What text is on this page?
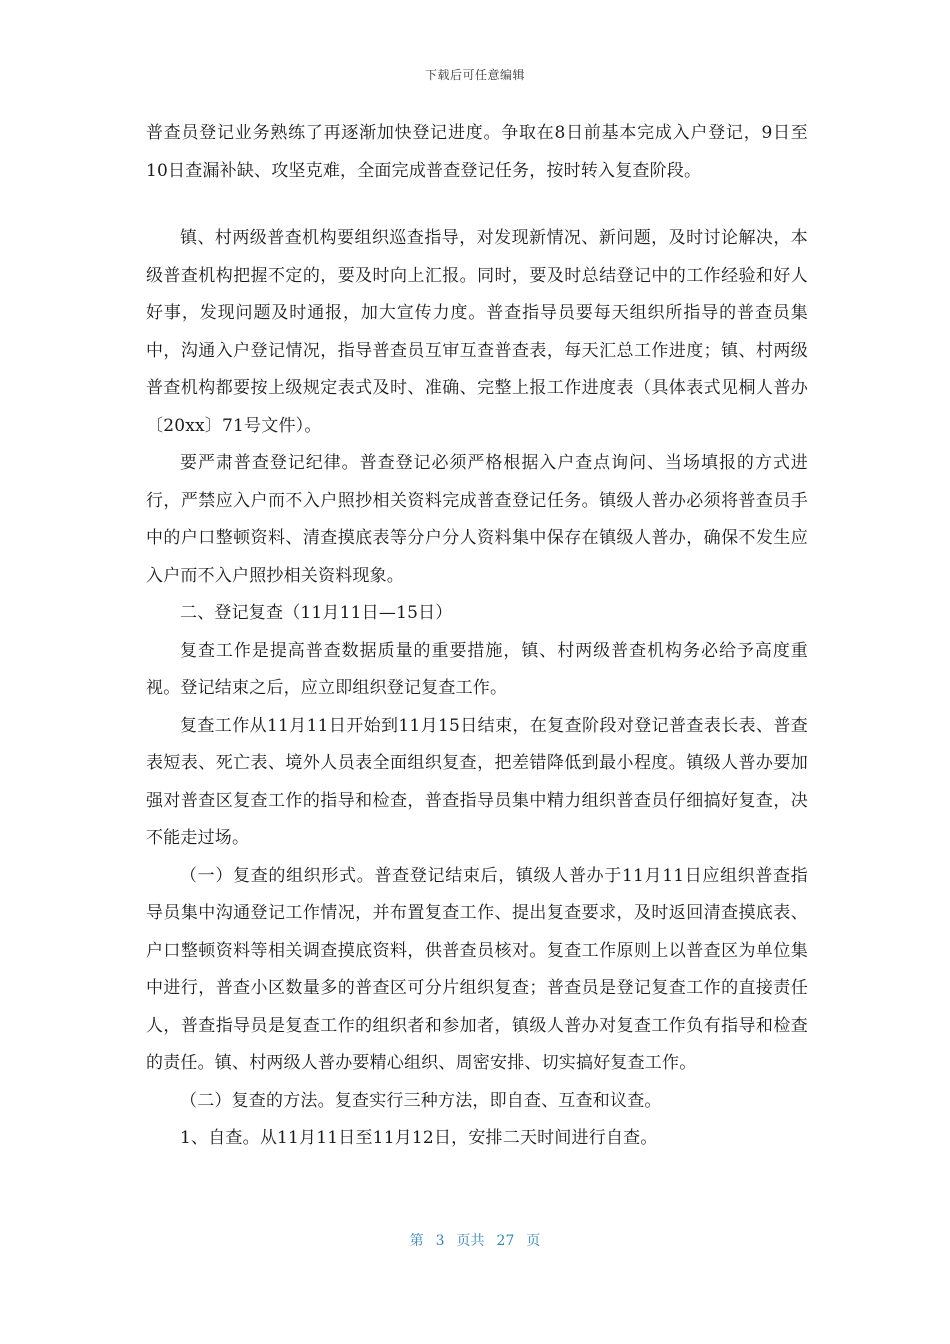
下载后可任意编辑

普查员登记业务熟练了再逐渐加快登记进度。争取在8日前基本完成入户登记，9日至10日查漏补缺、攻坚克难，全面完成普查登记任务，按时转入复查阶段。

镇、村两级普查机构要组织巡查指导，对发现新情况、新问题，及时讨论解决，本级普查机构把握不定的，要及时向上汇报。同时，要及时总结登记中的工作经验和好人好事，发现问题及时通报，加大宣传力度。普查指导员要每天组织所指导的普查员集中，沟通入户登记情况，指导普查员互审互查普查表，每天汇总工作进度；镇、村两级普查机构都要按上级规定表式及时、准确、完整上报工作进度表（具体表式见桐人普办〔20xx〕71号文件）。

要严肃普查登记纪律。普查登记必须严格根据入户查点询问、当场填报的方式进行，严禁应入户而不入户照抄相关资料完成普查登记任务。镇级人普办必须将普查员手中的户口整顿资料、清查摸底表等分户分人资料集中保存在镇级人普办，确保不发生应入户而不入户照抄相关资料现象。

二、登记复查（11月11日—15日）

复查工作是提高普查数据质量的重要措施，镇、村两级普查机构务必给予高度重视。登记结束之后，应立即组织登记复查工作。

复查工作从11月11日开始到11月15日结束，在复查阶段对登记普查表长表、普查表短表、死亡表、境外人员表全面组织复查，把差错降低到最小程度。镇级人普办要加强对普查区复查工作的指导和检查，普查指导员集中精力组织普查员仔细搞好复查，决不能走过场。

（一）复查的组织形式。普查登记结束后，镇级人普办于11月11日应组织普查指导员集中沟通登记工作情况，并布置复查工作、提出复查要求，及时返回清查摸底表、户口整顿资料等相关调查摸底资料，供普查员核对。复查工作原则上以普查区为单位集中进行，普查小区数量多的普查区可分片组织复查；普查员是登记复查工作的直接责任人，普查指导员是复查工作的组织者和参加者，镇级人普办对复查工作负有指导和检查的责任。镇、村两级人普办要精心组织、周密安排、切实搞好复查工作。

（二）复查的方法。复查实行三种方法，即自查、互查和议查。

1、自查。从11月11日至11月12日，安排二天时间进行自查。

第 3 页共 27 页
